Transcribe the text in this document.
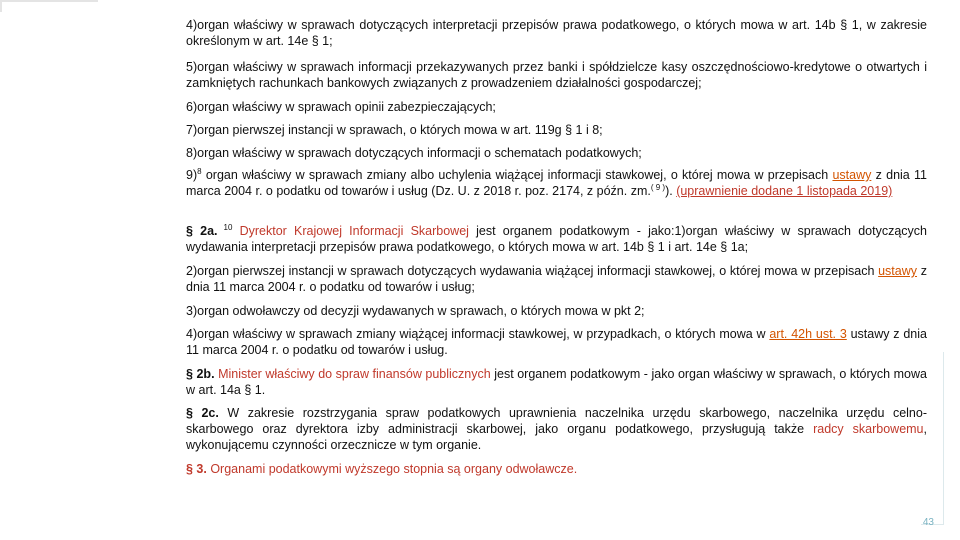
4)organ właściwy w sprawach dotyczących interpretacji przepisów prawa podatkowego, o których mowa w art. 14b § 1, w zakresie określonym w art. 14e § 1;
5)organ właściwy w sprawach informacji przekazywanych przez banki i spółdzielcze kasy oszczędnościowo-kredytowe o otwartych i zamkniętych rachunkach bankowych związanych z prowadzeniem działalności gospodarczej;
6)organ właściwy w sprawach opinii zabezpieczających;
7)organ pierwszej instancji w sprawach, o których mowa w art. 119g § 1 i 8;
8)organ właściwy w sprawach dotyczących informacji o schematach podatkowych;
9)$^8$ organ właściwy w sprawach zmiany albo uchylenia wiążącej informacji stawkowej, o której mowa w przepisach ustawy z dnia 11 marca 2004 r. o podatku od towarów i usług (Dz. U. z 2018 r. poz. 2174, z późn. zm.$^{( 9 )}$). (uprawnienie dodane 1 listopada 2019)
§ 2a. $^{10}$ Dyrektor Krajowej Informacji Skarbowej jest organem podatkowym - jako:1)organ właściwy w sprawach dotyczących wydawania interpretacji przepisów prawa podatkowego, o których mowa w art. 14b § 1 i art. 14e § 1a;
2)organ pierwszej instancji w sprawach dotyczących wydawania wiążącej informacji stawkowej, o której mowa w przepisach ustawy z dnia 11 marca 2004 r. o podatku od towarów i usług;
3)organ odwoławczy od decyzji wydawanych w sprawach, o których mowa w pkt 2;
4)organ właściwy w sprawach zmiany wiążącej informacji stawkowej, w przypadkach, o których mowa w art. 42h ust. 3 ustawy z dnia 11 marca 2004 r. o podatku od towarów i usług.
§ 2b. Minister właściwy do spraw finansów publicznych jest organem podatkowym - jako organ właściwy w sprawach, o których mowa w art. 14a § 1.
§ 2c. W zakresie rozstrzygania spraw podatkowych uprawnienia naczelnika urzędu skarbowego, naczelnika urzędu celno-skarbowego oraz dyrektora izby administracji skarbowej, jako organu podatkowego, przysługują także radcy skarbowemu, wykonującemu czynności orzecznicze w tym organie.
§ 3. Organami podatkowymi wyższego stopnia są organy odwoławcze.
43
